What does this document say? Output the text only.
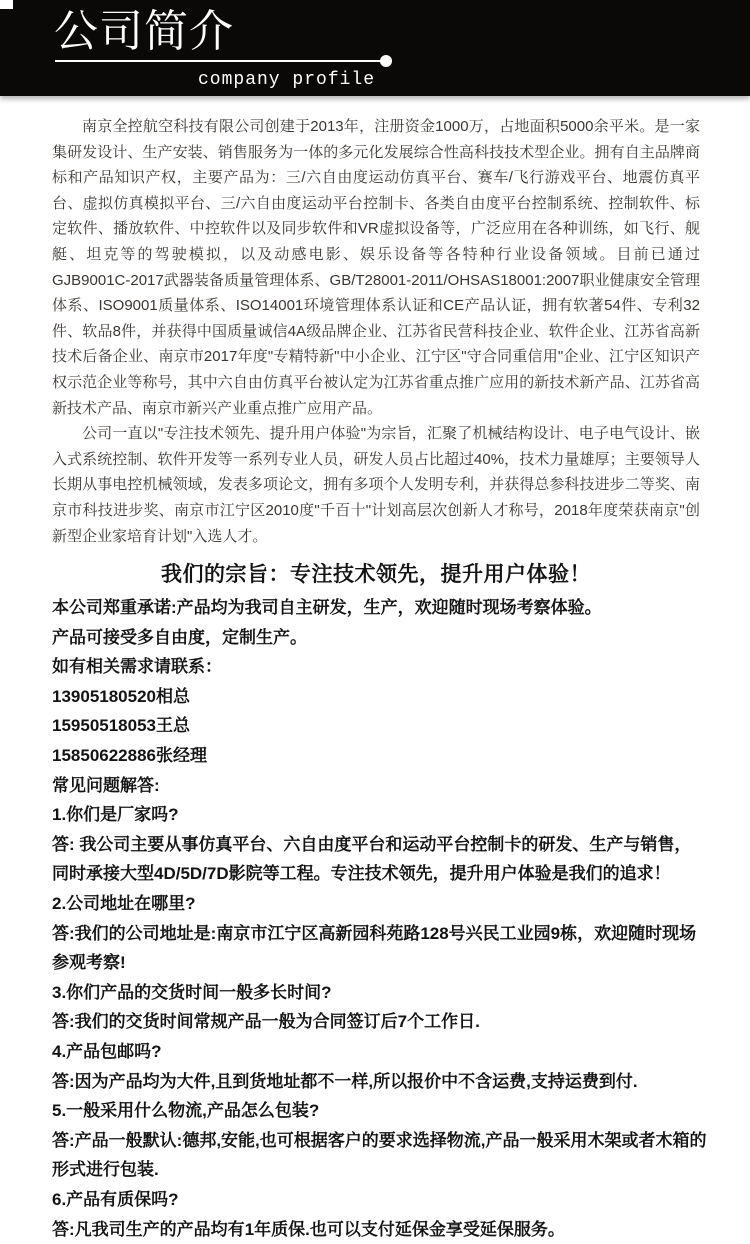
公司简介
company profile

南京全控航空科技有限公司创建于2013年，注册资金1000万，占地面积5000余平米。是一家集研发设计、生产安装、销售服务为一体的多元化发展综合性高科技技术型企业。拥有自主品牌商标和产品知识产权，主要产品为：三/六自由度运动仿真平台、赛车/飞行游戏平台、地震仿真平台、虚拟仿真模拟平台、三/六自由度运动平台控制卡、各类自由度平台控制系统、控制软件、标定软件、播放软件、中控软件以及同步软件和VR虚拟设备等，广泛应用在各种训练，如飞行、舰艇、坦克等的驾驶模拟，以及动感电影、娱乐设备等各特种行业设备领域。目前已通过GJB9001C-2017武器装备质量管理体系、GB/T28001-2011/OHSAS18001:2007职业健康安全管理体系、ISO9001质量体系、ISO14001环境管理体系认证和CE产品认证，拥有软著54件、专利32件、软品8件，并获得中国质量诚信4A级品牌企业、江苏省民营科技企业、软件企业、江苏省高新技术后备企业、南京市2017年度"专精特新"中小企业、江宁区"守合同重信用"企业、江宁区知识产权示范企业等称号，其中六自由仿真平台被认定为江苏省重点推广应用的新技术新产品、江苏省高新技术产品、南京市新兴产业重点推广应用产品。

公司一直以"专注技术领先、提升用户体验"为宗旨，汇聚了机械结构设计、电子电气设计、嵌入式系统控制、软件开发等一系列专业人员，研发人员占比超过40%，技术力量雄厚；主要领导人长期从事电控机械领域，发表多项论文，拥有多项个人发明专利，并获得总参科技进步二等奖、南京市科技进步奖、南京市江宁区2010度"千百十"计划高层次创新人才称号，2018年度荣获南京"创新型企业家培育计划"入选人才。

我们的宗旨：专注技术领先，提升用户体验！
本公司郑重承诺:产品均为我司自主研发，生产，欢迎随时现场考察体验。
产品可接受多自由度，定制生产。
如有相关需求请联系：
13905180520相总
15950518053王总
15850622886张经理
常见问题解答:
1.你们是厂家吗?
答: 我公司主要从事仿真平台、六自由度平台和运动平台控制卡的研发、生产与销售，
同时承接大型4D/5D/7D影院等工程。专注技术领先，提升用户体验是我们的追求！
2.公司地址在哪里?
答:我们的公司地址是:南京市江宁区高新园科苑路128号兴民工业园9栋，欢迎随时现场
参观考察!
3.你们产品的交货时间一般多长时间?
答:我们的交货时间常规产品一般为合同签订后7个工作日.
4.产品包邮吗?
答:因为产品均为大件,且到货地址都不一样,所以报价中不含运费,支持运费到付.
5.一般采用什么物流,产品怎么包装?
答:产品一般默认:德邦,安能,也可根据客户的要求选择物流,产品一般采用木架或者木箱的
形式进行包装.
6.产品有质保吗?
答:凡我司生产的产品均有1年质保.也可以支付延保金享受延保服务。
